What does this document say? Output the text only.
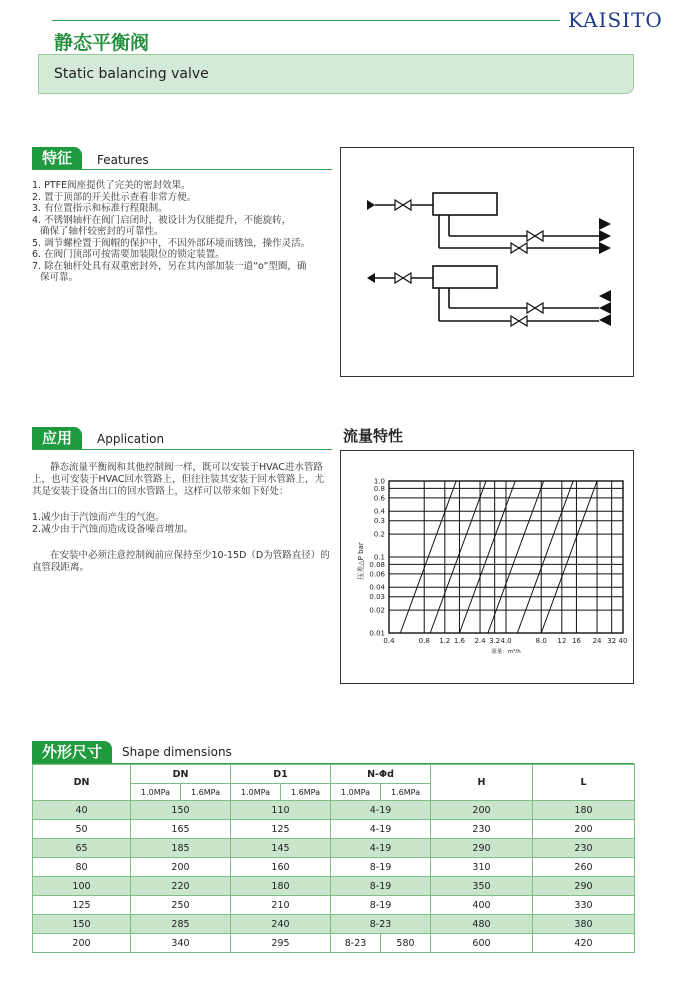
KAISITO
静态平衡阀
Static balancing valve
特征	Features
1. PTFE阀座提供了完美的密封效果。
2. 置于顶部的开关批示查看非常方便。
3. 有位置指示和标准行程限制。
4. 不锈钢轴杆在阀门启闭时，被设计为仅能提升，不能旋转，
确保了轴杆较密封的可靠性。
5. 调节螺栓置于阀帽的保护中，不因外部环境而锈蚀，操作灵活。
6. 在阀门顶部可按需要加装限位的锁定装置。
7. 除在轴杆处具有双重密封外，另在其内部加装一道“o”型圈，确
保可靠。
应用	Application

静态流量平衡阀和其他控制阀一样，既可以安装于HVAC进水管路上，也可安装于HVAC回水管路上，但往往装其安装于回水管路上，尤其是安装于设备出口的回水管路上，这样可以带来如下好处：

1.减少由于汽蚀而产生的气泡。

2.减少由于汽蚀而造成设备噪音增加。

在安装中必须注意控制阀前应保持至少10-15D（D为管路直径）的直管段距离。

流量特性
0.4	0.8 1.2 1.6 2.4 3.2 4.0	8.0 12 16 24 32 40
1.0
0.8
0.6
0.4
0.3
0.2
0.1
0.08
0.06
0.04
0.03
0.02
0.01
流量：m³/h
压差△P bar
外形尺寸	Shape dimensions
DN	DN		D1		N-Φd		H	L
	1.0MPa	1.6MPa	1.0MPa	1.6MPa	1.0MPa	1.6MPa		
40	150		110		4-19		200	180
50	165		125		4-19		230	200
65	185		145		4-19		290	230
80	200		160		8-19		310	260
100	220		180		8-19		350	290
125	250		210		8-19		400	330
150	285		240		8-23		480	380
200	340		295		8-23	580	600	420
